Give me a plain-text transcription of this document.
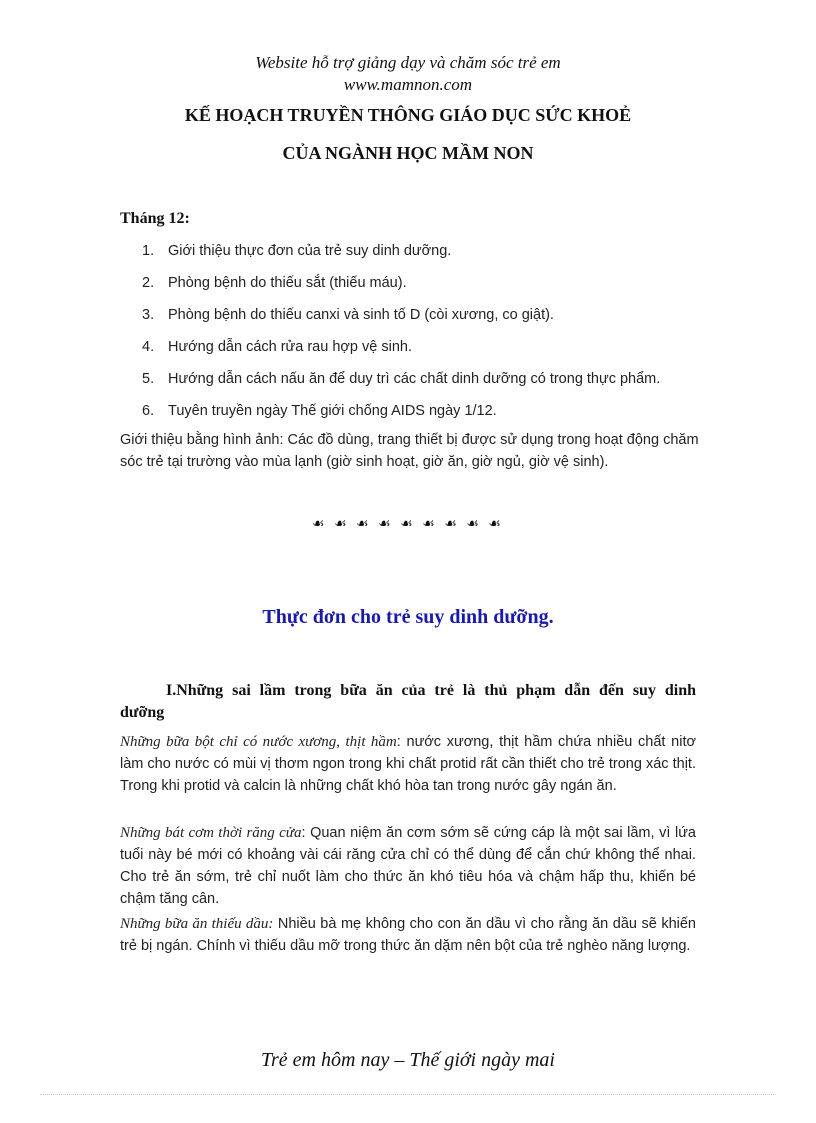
Website hỗ trợ giảng dạy và chăm sóc trẻ em
www.mamnon.com
KẾ HOẠCH TRUYỀN THÔNG GIÁO DỤC SỨC KHOẺ
CỦA NGÀNH HỌC MẦM NON
Tháng 12:
1. Giới thiệu thực đơn của trẻ suy dinh dưỡng.
2. Phòng bệnh do thiếu sắt (thiếu máu).
3. Phòng bệnh do thiếu canxi và sinh tố D (còi xương, co giật).
4. Hướng dẫn cách rửa rau hợp vệ sinh.
5. Hướng dẫn cách nấu ăn để duy trì các chất dinh dưỡng có trong thực phẩm.
6. Tuyên truyền ngày Thế giới chống AIDS ngày 1/12.
Giới thiệu bằng hình ảnh: Các đồ dùng, trang thiết bị được sử dụng trong hoạt động chăm sóc trẻ tại trường vào mùa lạnh (giờ sinh hoạt, giờ ăn, giờ ngủ, giờ vệ sinh).
☙ ☙ ☙ ☙ ☙ ☙ ☙ ☙ ☙
Thực đơn cho trẻ suy dinh dưỡng.
I.Những sai lầm trong bữa ăn của trẻ là thủ phạm dẫn đến suy dinh dưỡng
Những bữa bột chỉ có nước xương, thịt hầm: nước xương, thịt hầm chứa nhiều chất nitơ làm cho nước có mùi vị thơm ngon trong khi chất protid rất cần thiết cho trẻ trong xác thịt. Trong khi protid và calcin là những chất khó hòa tan trong nước gây ngán ăn.
Những bát cơm thời răng cửa: Quan niệm ăn cơm sớm sẽ cứng cáp là một sai lầm, vì lứa tuổi này bé mới có khoảng vài cái răng cửa chỉ có thể dùng để cắn chứ không thể nhai. Cho trẻ ăn sớm, trẻ chỉ nuốt làm cho thức ăn khó tiêu hóa và chậm hấp thu, khiến bé chậm tăng cân.
Những bữa ăn thiếu dầu: Nhiều bà mẹ không cho con ăn dầu vì cho rằng ăn dầu sẽ khiến trẻ bị ngán. Chính vì thiếu dầu mỡ trong thức ăn dặm nên bột của trẻ nghèo năng lượng.
Trẻ em hôm nay – Thế giới ngày mai
